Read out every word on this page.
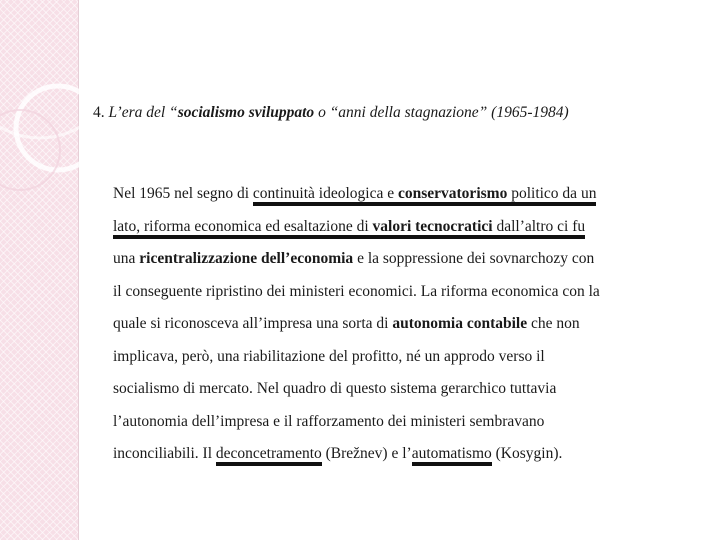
4. L’era del “socialismo sviluppato o “anni della stagnazione” (1965-1984)
Nel 1965 nel segno di continuità ideologica e conservatorismo politico da un
lato, riforma economica ed esaltazione di valori tecnocratici dall’altro ci fu
una ricentralizzazione dell’economia e la soppressione dei sovnarchozy con
il conseguente ripristino dei ministeri economici. La riforma economica con la
quale si riconosceva all’impresa una sorta di autonomia contabile che non
implicava, però, una riabilitazione del profitto, né un approdo verso il
socialismo di mercato. Nel quadro di questo sistema gerarchico tuttavia
l’autonomia dell’impresa e il rafforzamento dei ministeri sembravano
inconciliabili. Il deconcetramento (Brežnev) e l’automatismo (Kosygin).
